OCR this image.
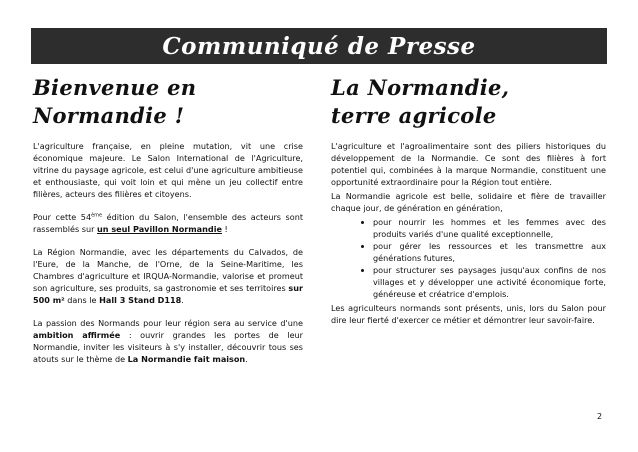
Communiqué de Presse
Bienvenue en
Normandie !

L'agriculture française, en pleine mutation, vit une crise économique majeure. Le Salon International de l'Agriculture, vitrine du paysage agricole, est celui d'une agriculture ambitieuse et enthousiaste, qui voit loin et qui mène un jeu collectif entre filières, acteurs des filières et citoyens.

Pour cette 54ème édition du Salon, l'ensemble des acteurs sont rassemblés sur un seul Pavillon Normandie !

La Région Normandie, avec les départements du Calvados, de l'Eure, de la Manche, de l'Orne, de la Seine-Maritime, les Chambres d'agriculture et IRQUA-Normandie, valorise et promeut son agriculture, ses produits, sa gastronomie et ses territoires sur 500 m² dans le Hall 3 Stand D118.

La passion des Normands pour leur région sera au service d'une ambition affirmée : ouvrir grandes les portes de leur Normandie, inviter les visiteurs à s'y installer, découvrir tous ses atouts sur le thème de La Normandie fait maison.

La Normandie,
terre agricole

L'agriculture et l'agroalimentaire sont des piliers historiques du développement de la Normandie. Ce sont des filières à fort potentiel qui, combinées à la marque Normandie, constituent une opportunité extraordinaire pour la Région tout entière.

La Normandie agricole est belle, solidaire et fière de travailler chaque jour, de génération en génération,

• pour nourrir les hommes et les femmes avec des produits variés d'une qualité exceptionnelle,
• pour gérer les ressources et les transmettre aux générations futures,
• pour structurer ses paysages jusqu'aux confins de nos villages et y développer une activité économique forte, généreuse et créatrice d'emplois.

Les agriculteurs normands sont présents, unis, lors du Salon pour dire leur fierté d'exercer ce métier et démontrer leur savoir-faire.

2
